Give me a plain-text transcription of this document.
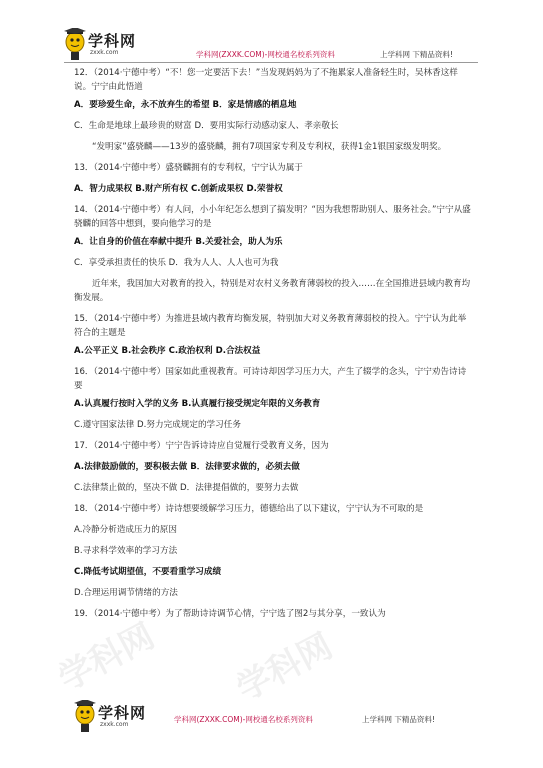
学科网 学科网
学科网
zxxk.com	学科网(ZXXK.COM)-网校通名校系列资料	上学科网 下精品资料!

12．（2014·宁德中考）“不！您一定要活下去！”当发现妈妈为了不拖累家人准备轻生时，吴林香这样说。宁宁由此悟道

A．要珍爱生命，永不放弃生的希望 B．家是情感的栖息地

C．生命是地球上最珍贵的财富 D．要用实际行动感动家人、孝亲敬长

“发明家”盛骁麟——13岁的盛骁麟，拥有7项国家专利及专利权，获得1金1银国家级发明奖。

13．（2014·宁德中考）盛骁麟拥有的专利权，宁宁认为属于

A．智力成果权 B.财产所有权 C.创新成果权 D.荣誉权

14．（2014·宁德中考）有人问，小小年纪怎么想到了搞发明？“因为我想帮助别人、服务社会。”宁宁从盛骁麟的回答中想到，要向他学习的是

A．让自身的价值在奉献中提升 B.关爱社会，助人为乐

C．享受承担责任的快乐 D．我为人人、人人也可为我

近年来，我国加大对教育的投入，特别是对农村义务教育薄弱校的投入……在全国推进县域内教育均衡发展。

15．（2014·宁德中考）为推进县域内教育均衡发展，特别加大对义务教育薄弱校的投入。宁宁认为此举符合的主题是

A.公平正义 B.社会秩序 C.政治权利 D.合法权益

16．（2014·宁德中考）国家如此重视教育。可诗诗却因学习压力大，产生了辍学的念头，宁宁劝告诗诗要

A.认真履行按时入学的义务 B.认真履行接受规定年限的义务教育

C.遵守国家法律 D.努力完成规定的学习任务

17．（2014·宁德中考）宁宁告诉诗诗应自觉履行受教育义务，因为

A.法律鼓励做的，要积极去做 B．法律要求做的，必须去做

C.法律禁止做的，坚决不做 D．法律提倡做的，要努力去做

18．（2014·宁德中考）诗诗想要缓解学习压力，德德给出了以下建议，宁宁认为不可取的是

A.冷静分析造成压力的原因

B.寻求科学效率的学习方法

C.降低考试期望值，不要看重学习成绩

D.合理运用调节情绪的方法

19．（2014·宁德中考）为了帮助诗诗调节心情，宁宁选了图2与其分享，一致认为

学科网
zxxk.com
学科网(ZXXK.COM)-网校通名校系列资料	上学科网 下精品资料!
